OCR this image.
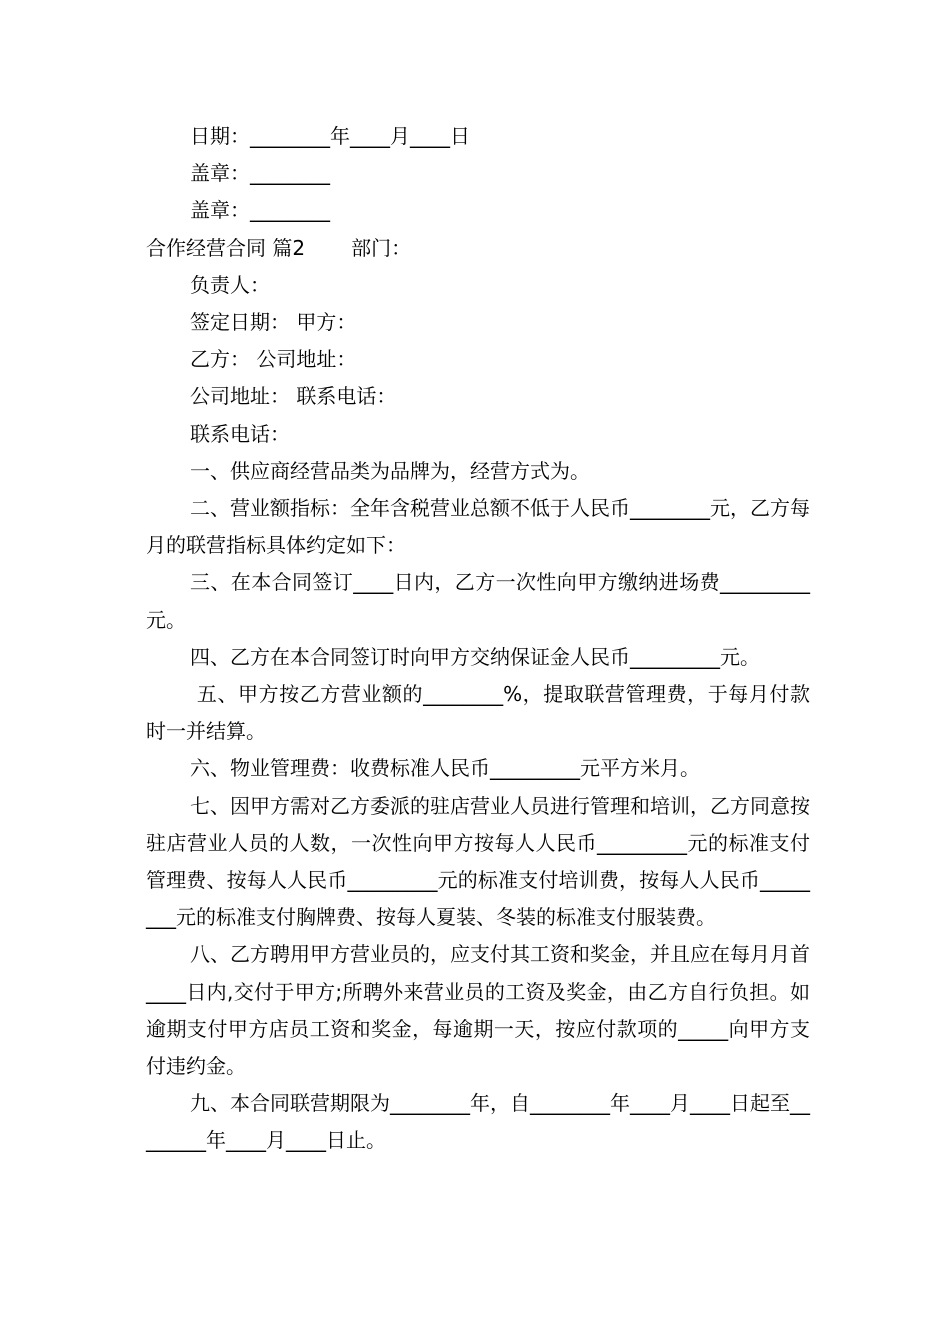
日期：________年____月____日

盖章：________

盖章：________

合作经营合同 篇2 部门：

负责人：

签定日期： 甲方：

乙方： 公司地址：

公司地址： 联系电话：

联系电话：

一、供应商经营品类为品牌为，经营方式为。

二、营业额指标：全年含税营业总额不低于人民币________元，乙方每月的联营指标具体约定如下：

三、在本合同签订____日内，乙方一次性向甲方缴纳进场费_________元。

四、乙方在本合同签订时向甲方交纳保证金人民币_________元。

五、甲方按乙方营业额的________%，提取联营管理费，于每月付款时一并结算。

六、物业管理费：收费标准人民币_________元平方米月。

七、因甲方需对乙方委派的驻店营业人员进行管理和培训，乙方同意按驻店营业人员的人数，一次性向甲方按每人人民币_________元的标准支付管理费、按每人人民币_________元的标准支付培训费，按每人人民币________元的标准支付胸牌费、按每人夏装、冬装的标准支付服装费。

八、乙方聘用甲方营业员的，应支付其工资和奖金，并且应在每月月首____日内,交付于甲方;所聘外来营业员的工资及奖金，由乙方自行负担。如逾期支付甲方店员工资和奖金，每逾期一天，按应付款项的_____向甲方支付违约金。

九、本合同联营期限为________年，自________年____月____日起至________年____月____日止。
